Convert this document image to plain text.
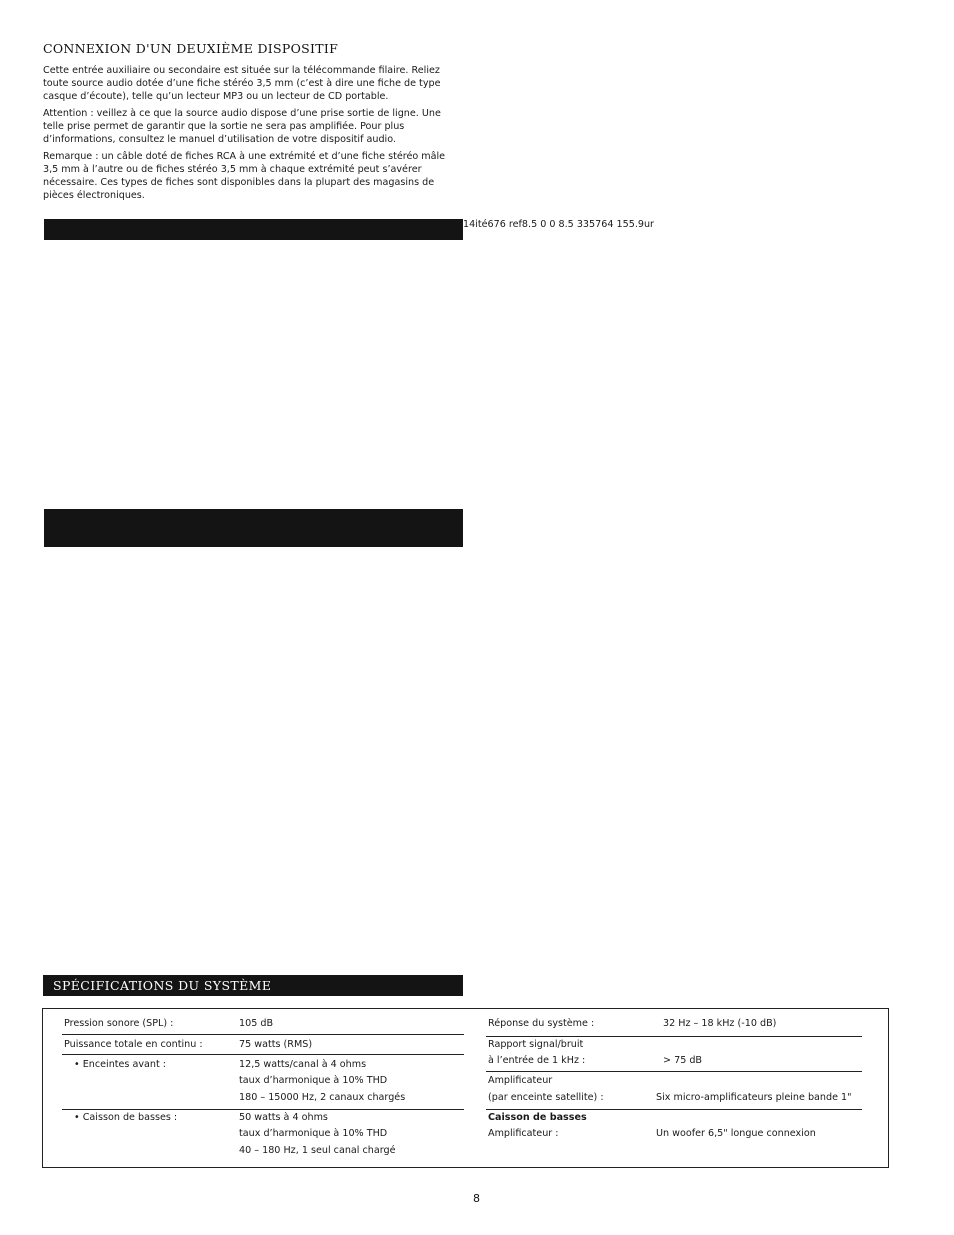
CONNEXION D'UN DEUXIÈME DISPOSITIF
Cette entrée auxiliaire ou secondaire est située sur la télécommande filaire. Reliez toute source audio dotée d’une fiche stéréo 3,5 mm (c’est à dire une fiche de type casque d’écoute), telle qu’un lecteur MP3 ou un lecteur de CD portable.
Attention : veillez à ce que la source audio dispose d’une prise sortie de ligne. Une telle prise permet de garantir que la sortie ne sera pas amplifiée. Pour plus d’informations, consultez le manuel d’utilisation de votre dispositif audio.
Remarque : un câble doté de fiches RCA à une extrémité et d’une fiche stéréo mâle 3,5 mm à l’autre ou de fiches stéréo 3,5 mm à chaque extrémité peut s’avérer nécessaire. Ces types de fiches sont disponibles dans la plupart des magasins de pièces électroniques.
14ité676 ref8.5 0 0 8.5 335764 155.9ur
SPÉCIFICATIONS DU SYSTÈME
Pression sonore (SPL) :	105 dB
Puissance totale en continu :	75 watts (RMS)
• Enceintes avant :	12,5 watts/canal à 4 ohms
taux d’harmonique à 10% THD
180 – 15000 Hz, 2 canaux chargés
• Caisson de basses :	50 watts à 4 ohms
taux d’harmonique à 10% THD
40 – 180 Hz, 1 seul canal chargé
Réponse du système :	32 Hz – 18 kHz (-10 dB)
Rapport signal/bruit
à l’entrée de 1 kHz :	> 75 dB
Amplificateur
(par enceinte satellite) :	Six micro-amplificateurs pleine bande 1"
Caisson de basses
Amplificateur :	Un woofer 6,5" longue connexion
8
